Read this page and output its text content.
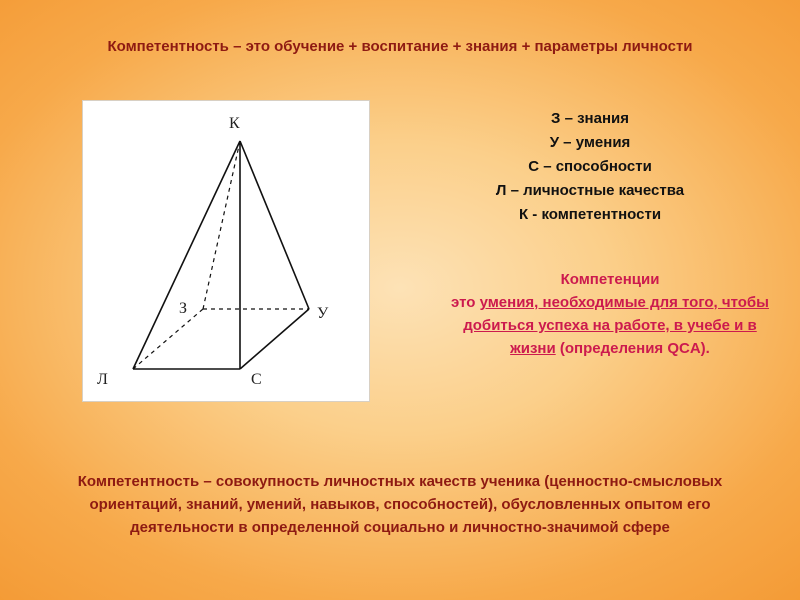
Компетентность – это обучение + воспитание + знания + параметры личности
К
З	У
Л	С
З – знания
У – умения
С – способности
Л – личностные качества
К - компетентности
Компетенции
это умения, необходимые для того, чтобы добиться успеха на работе, в учебе и в жизни (определения QCA).
Компетентность – совокупность личностных качеств ученика (ценностно-смысловых ориентаций, знаний, умений, навыков, способностей), обусловленных опытом его деятельности в определенной социально и личностно-значимой сфере
